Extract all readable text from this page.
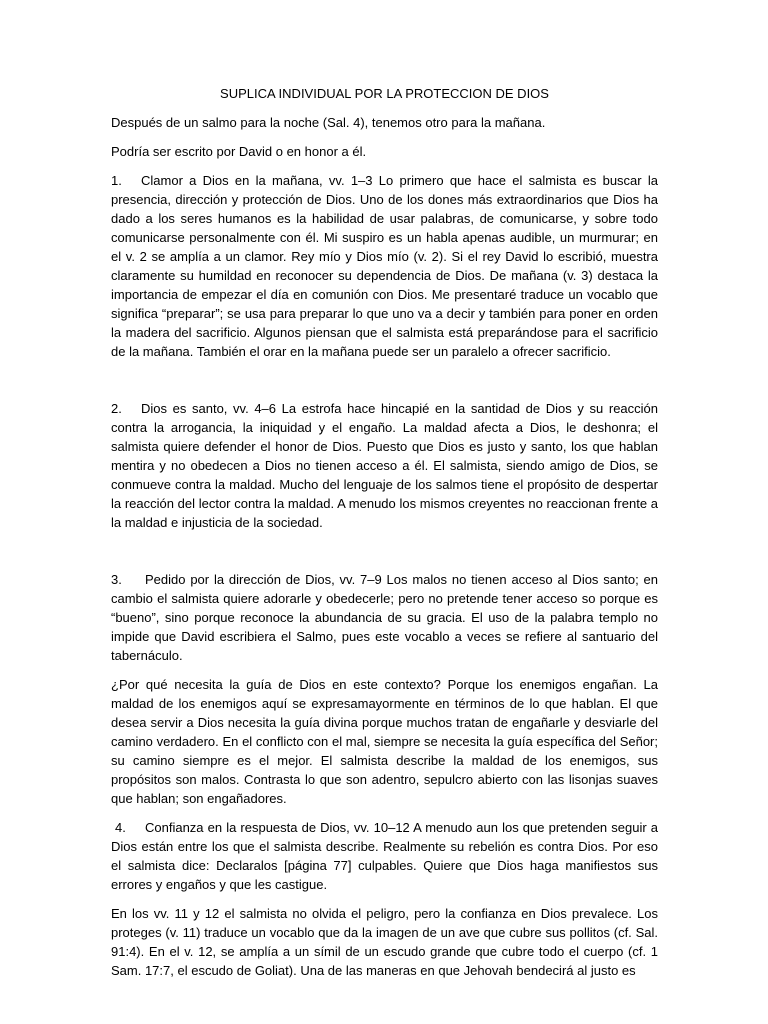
SUPLICA INDIVIDUAL POR LA PROTECCION DE DIOS

Después de un salmo para la noche (Sal. 4), tenemos otro para la mañana.

Podría ser escrito por David o en honor a él.

1. Clamor a Dios en la mañana, vv. 1–3 Lo primero que hace el salmista es buscar la presencia, dirección y protección de Dios. Uno de los dones más extraordinarios que Dios ha dado a los seres humanos es la habilidad de usar palabras, de comunicarse, y sobre todo comunicarse personalmente con él. Mi suspiro es un habla apenas audible, un murmurar; en el v. 2 se amplía a un clamor. Rey mío y Dios mío (v. 2). Si el rey David lo escribió, muestra claramente su humildad en reconocer su dependencia de Dios. De mañana (v. 3) destaca la importancia de empezar el día en comunión con Dios. Me presentaré traduce un vocablo que significa “preparar”; se usa para preparar lo que uno va a decir y también para poner en orden la madera del sacrificio. Algunos piensan que el salmista está preparándose para el sacrificio de la mañana. También el orar en la mañana puede ser un paralelo a ofrecer sacrificio.

2. Dios es santo, vv. 4–6 La estrofa hace hincapié en la santidad de Dios y su reacción contra la arrogancia, la iniquidad y el engaño. La maldad afecta a Dios, le deshonra; el salmista quiere defender el honor de Dios. Puesto que Dios es justo y santo, los que hablan mentira y no obedecen a Dios no tienen acceso a él. El salmista, siendo amigo de Dios, se conmueve contra la maldad. Mucho del lenguaje de los salmos tiene el propósito de despertar la reacción del lector contra la maldad. A menudo los mismos creyentes no reaccionan frente a la maldad e injusticia de la sociedad.

3. Pedido por la dirección de Dios, vv. 7–9 Los malos no tienen acceso al Dios santo; en cambio el salmista quiere adorarle y obedecerle; pero no pretende tener acceso so porque es “bueno”, sino porque reconoce la abundancia de su gracia. El uso de la palabra templo no impide que David escribiera el Salmo, pues este vocablo a veces se refiere al santuario del tabernáculo.

¿Por qué necesita la guía de Dios en este contexto? Porque los enemigos engañan. La maldad de los enemigos aquí se expresamayormente en términos de lo que hablan. El que desea servir a Dios necesita la guía divina porque muchos tratan de engañarle y desviarle del camino verdadero. En el conflicto con el mal, siempre se necesita la guía específica del Señor; su camino siempre es el mejor. El salmista describe la maldad de los enemigos, sus propósitos son malos. Contrasta lo que son adentro, sepulcro abierto con las lisonjas suaves que hablan; son engañadores.

4. Confianza en la respuesta de Dios, vv. 10–12 A menudo aun los que pretenden seguir a Dios están entre los que el salmista describe. Realmente su rebelión es contra Dios. Por eso el salmista dice: Declaralos [página 77] culpables. Quiere que Dios haga manifiestos sus errores y engaños y que les castigue.

En los vv. 11 y 12 el salmista no olvida el peligro, pero la confianza en Dios prevalece. Los proteges (v. 11) traduce un vocablo que da la imagen de un ave que cubre sus pollitos (cf. Sal. 91:4). En el v. 12, se amplía a un símil de un escudo grande que cubre todo el cuerpo (cf. 1 Sam. 17:7, el escudo de Goliat). Una de las maneras en que Jehovah bendecirá al justo es
